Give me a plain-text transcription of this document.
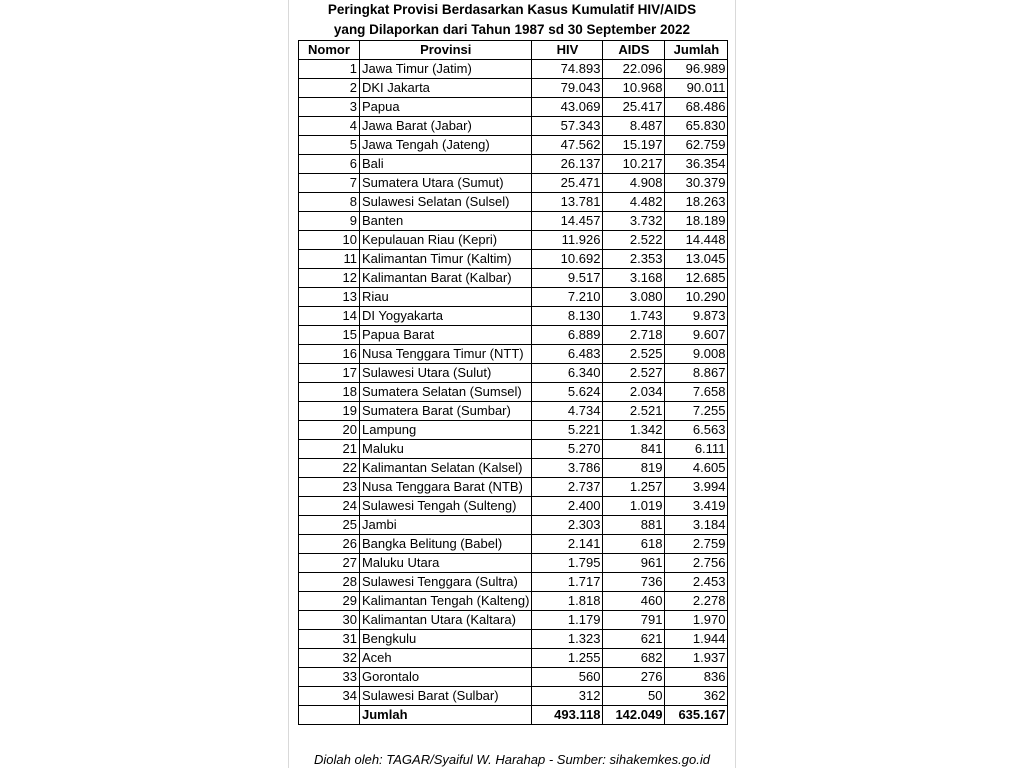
Peringkat Provisi Berdasarkan Kasus Kumulatif HIV/AIDS
yang Dilaporkan dari Tahun 1987 sd 30 September 2022
Nomor	Provinsi	HIV	AIDS	Jumlah
1	Jawa Timur (Jatim)	74.893	22.096	96.989
2	DKI Jakarta	79.043	10.968	90.011
3	Papua	43.069	25.417	68.486
4	Jawa Barat (Jabar)	57.343	8.487	65.830
5	Jawa Tengah (Jateng)	47.562	15.197	62.759
6	Bali	26.137	10.217	36.354
7	Sumatera Utara (Sumut)	25.471	4.908	30.379
8	Sulawesi Selatan (Sulsel)	13.781	4.482	18.263
9	Banten	14.457	3.732	18.189
10	Kepulauan Riau (Kepri)	11.926	2.522	14.448
11	Kalimantan Timur (Kaltim)	10.692	2.353	13.045
12	Kalimantan Barat (Kalbar)	9.517	3.168	12.685
13	Riau	7.210	3.080	10.290
14	DI Yogyakarta	8.130	1.743	9.873
15	Papua Barat	6.889	2.718	9.607
16	Nusa Tenggara Timur (NTT)	6.483	2.525	9.008
17	Sulawesi Utara (Sulut)	6.340	2.527	8.867
18	Sumatera Selatan (Sumsel)	5.624	2.034	7.658
19	Sumatera Barat (Sumbar)	4.734	2.521	7.255
20	Lampung	5.221	1.342	6.563
21	Maluku	5.270	841	6.111
22	Kalimantan Selatan (Kalsel)	3.786	819	4.605
23	Nusa Tenggara Barat (NTB)	2.737	1.257	3.994
24	Sulawesi Tengah (Sulteng)	2.400	1.019	3.419
25	Jambi	2.303	881	3.184
26	Bangka Belitung (Babel)	2.141	618	2.759
27	Maluku Utara	1.795	961	2.756
28	Sulawesi Tenggara (Sultra)	1.717	736	2.453
29	Kalimantan Tengah (Kalteng)	1.818	460	2.278
30	Kalimantan Utara (Kaltara)	1.179	791	1.970
31	Bengkulu	1.323	621	1.944
32	Aceh	1.255	682	1.937
33	Gorontalo	560	276	836
34	Sulawesi Barat (Sulbar)	312	50	362
	Jumlah	493.118	142.049	635.167
Diolah oleh: TAGAR/Syaiful W. Harahap - Sumber: sihakemkes.go.id
